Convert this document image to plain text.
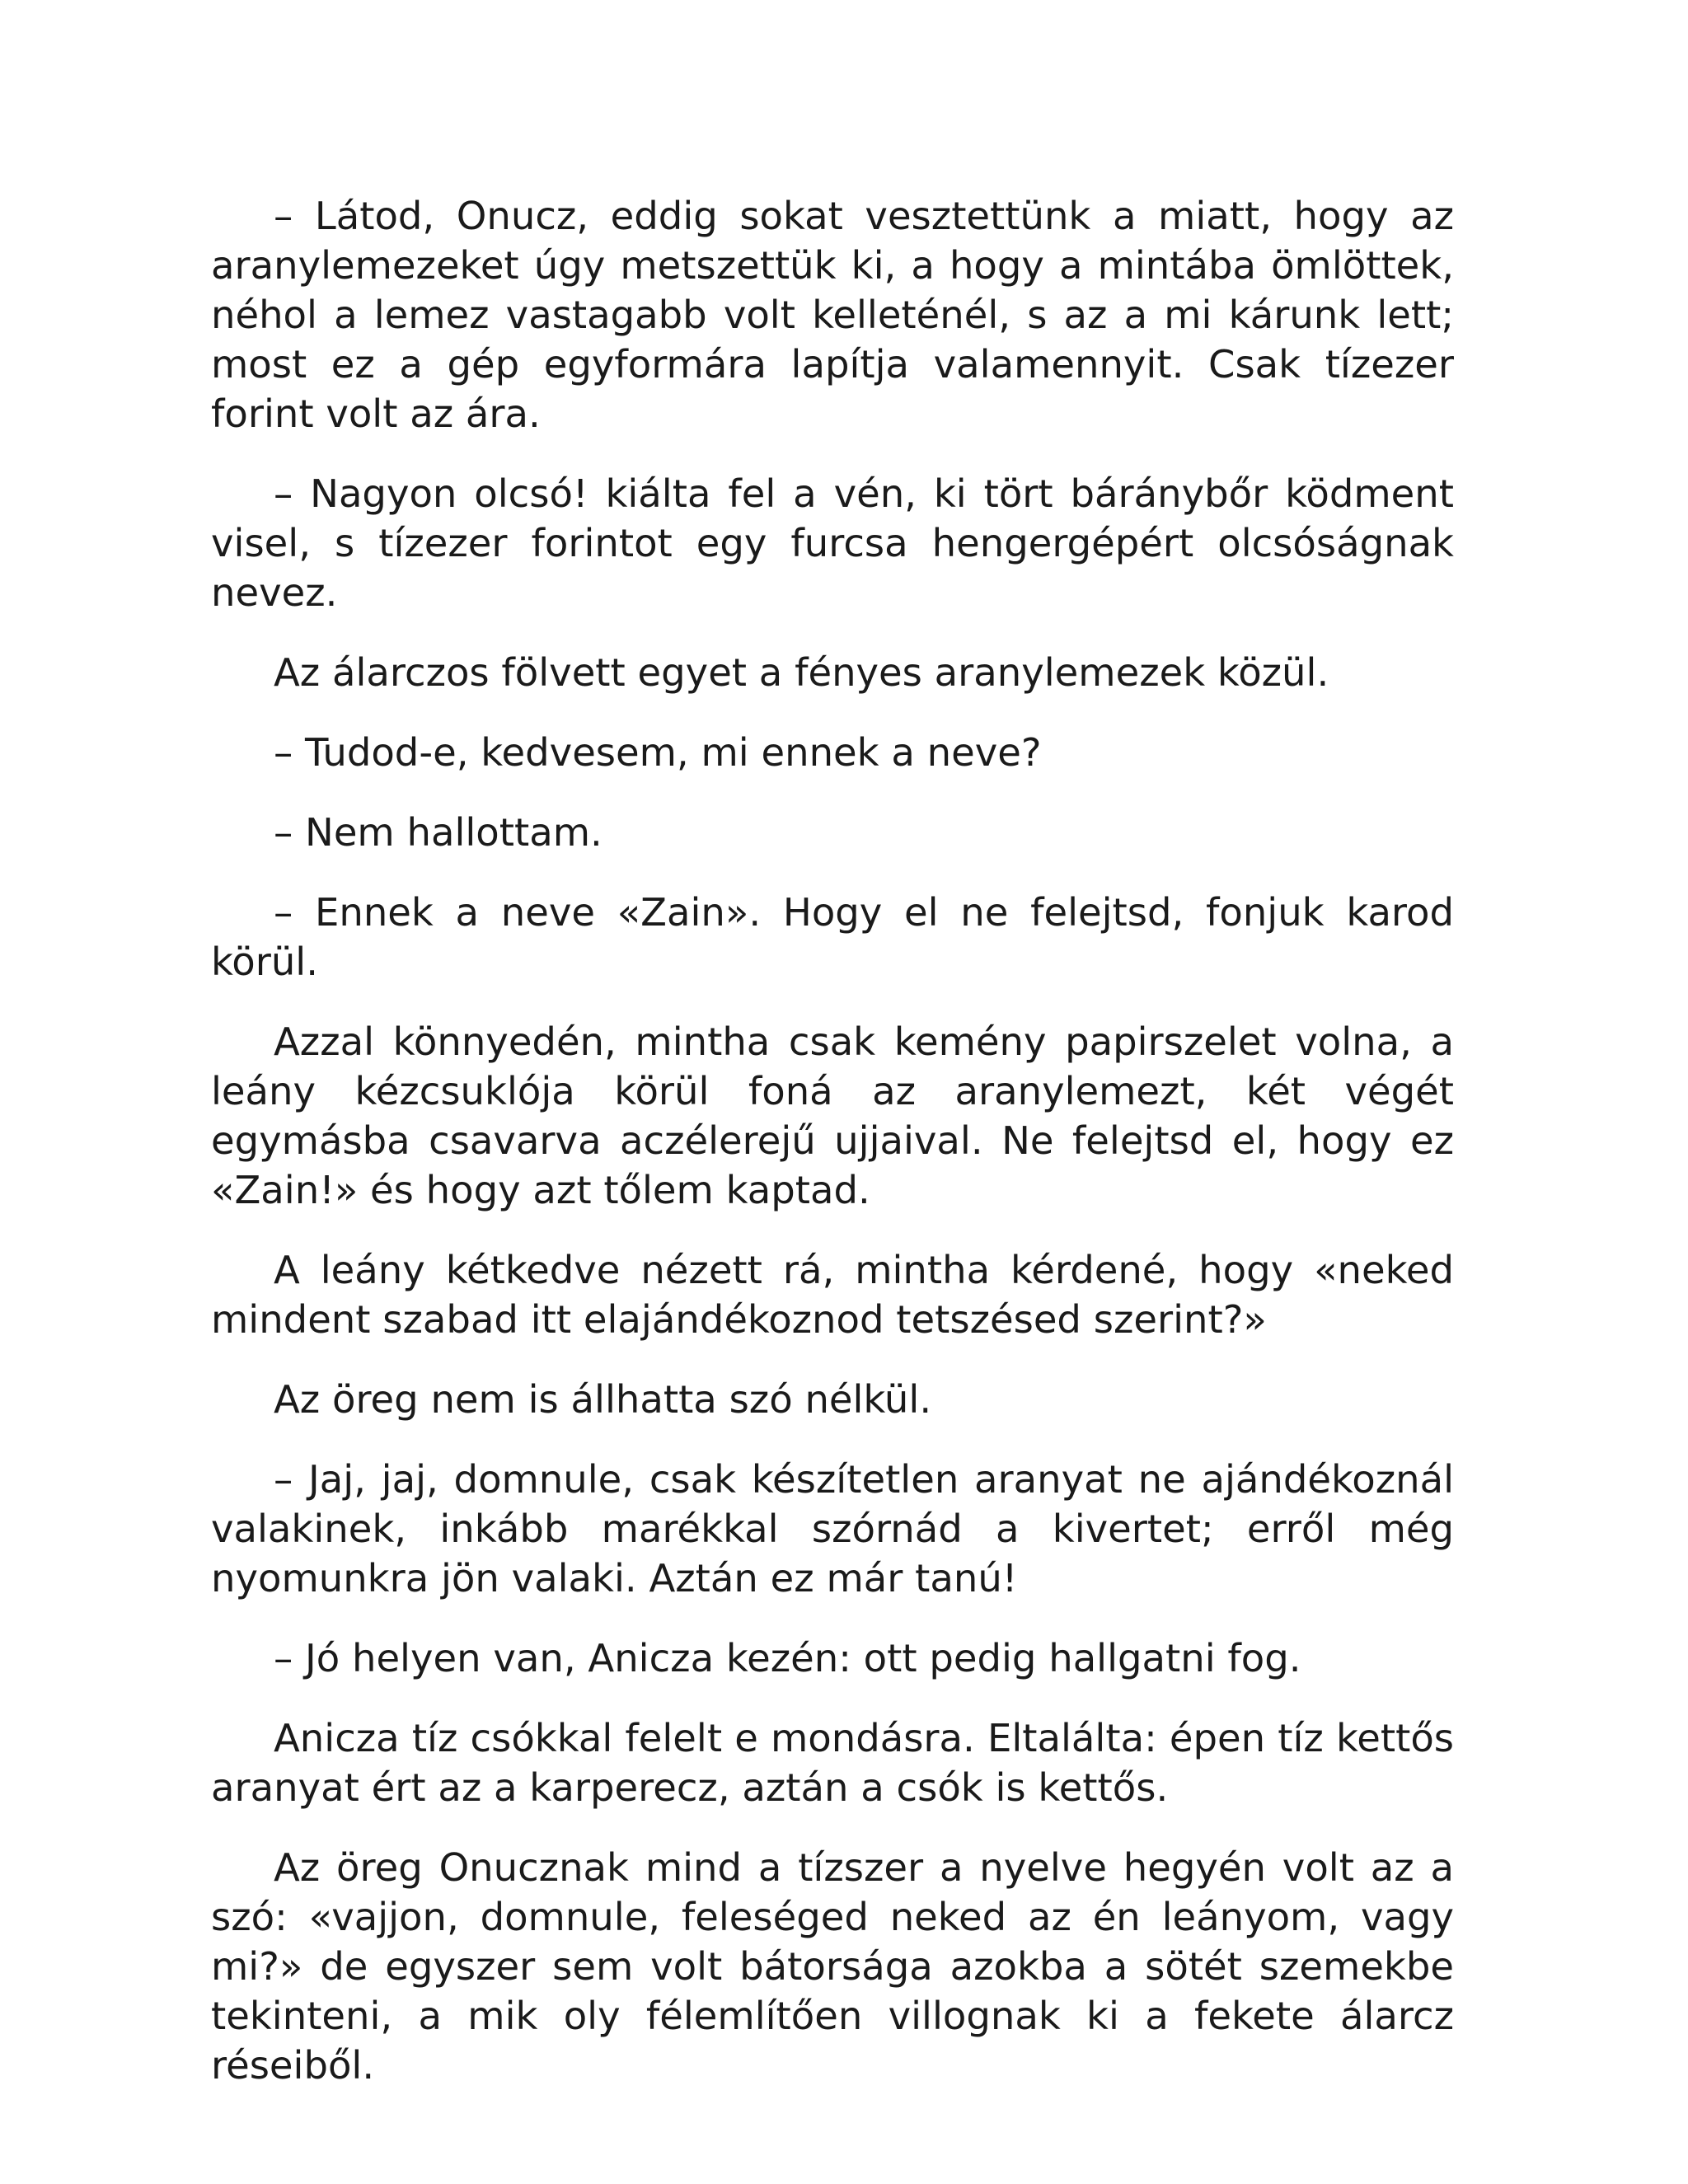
– Látod, Onucz, eddig sokat vesztettünk a miatt, hogy az aranylemezeket úgy metszettük ki, a hogy a mintába ömlöttek, néhol a lemez vastagabb volt kelleténél, s az a mi kárunk lett; most ez a gép egyformára lapítja valamennyit. Csak tízezer forint volt az ára.

– Nagyon olcsó! kiálta fel a vén, ki tört báránybőr ködment visel, s tízezer forintot egy furcsa hengergépért olcsóságnak nevez.

Az álarczos fölvett egyet a fényes aranylemezek közül.

– Tudod-e, kedvesem, mi ennek a neve?

– Nem hallottam.

– Ennek a neve «Zain». Hogy el ne felejtsd, fonjuk karod körül.

Azzal könnyedén, mintha csak kemény papirszelet volna, a leány kézcsuklója körül foná az aranylemezt, két végét egymásba csavarva aczélerejű ujjaival. Ne felejtsd el, hogy ez «Zain!» és hogy azt tőlem kaptad.

A leány kétkedve nézett rá, mintha kérdené, hogy «neked mindent szabad itt elajándékoznod tetszésed szerint?»

Az öreg nem is állhatta szó nélkül.

– Jaj, jaj, domnule, csak készítetlen aranyat ne ajándékoznál valakinek, inkább marékkal szórnád a kivertet; erről még nyomunkra jön valaki. Aztán ez már tanú!

– Jó helyen van, Anicza kezén: ott pedig hallgatni fog.

Anicza tíz csókkal felelt e mondásra. Eltalálta: épen tíz kettős aranyat ért az a karperecz, aztán a csók is kettős.

Az öreg Onucznak mind a tízszer a nyelve hegyén volt az a szó: «vajjon, domnule, feleséged neked az én leányom, vagy mi?» de egyszer sem volt bátorsága azokba a sötét szemekbe tekinteni, a mik oly félemlítően villognak ki a fekete álarcz réseiből.
